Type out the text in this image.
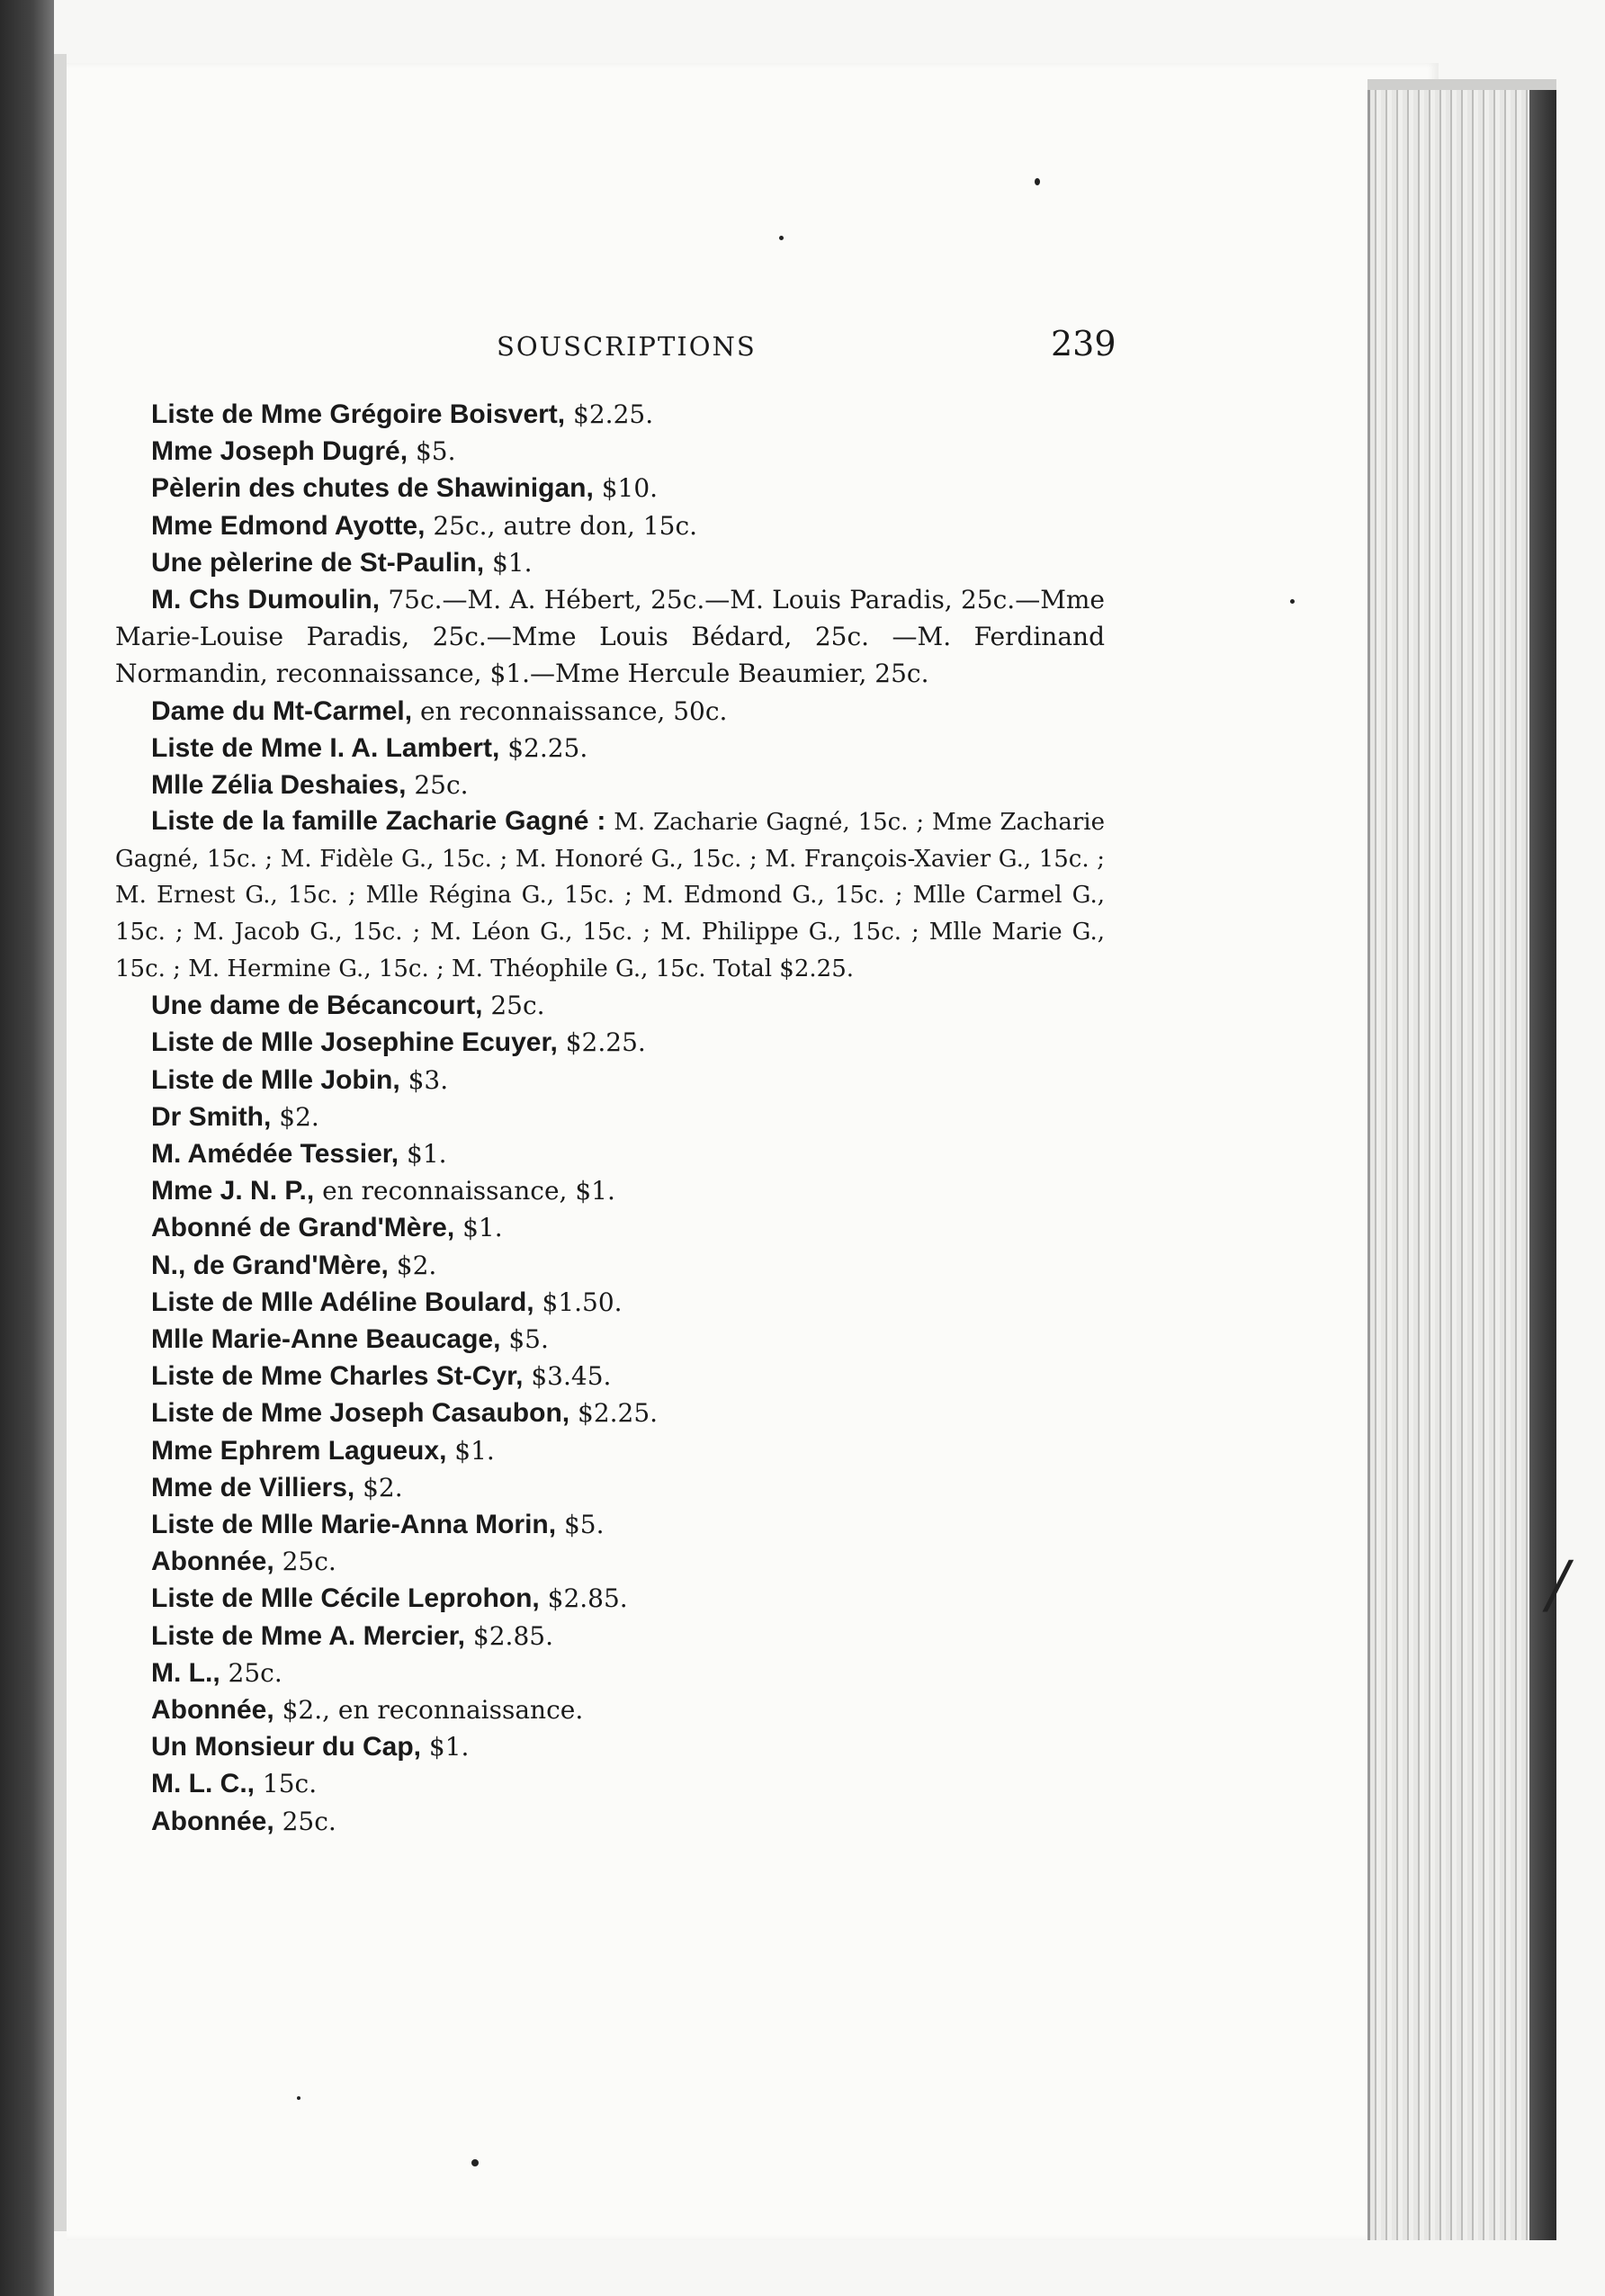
SOUSCRIPTIONS	239
Liste de Mme Grégoire Boisvert, $2.25.
Mme Joseph Dugré, $5.
Pèlerin des chutes de Shawinigan, $10.
Mme Edmond Ayotte, 25c., autre don, 15c.
Une pèlerine de St-Paulin, $1.
M. Chs Dumoulin, 75c.—M. A. Hébert, 25c.—M. Louis Paradis, 25c.—Mme Marie-Louise Paradis, 25c.—Mme Louis Bédard, 25c. —M. Ferdinand Normandin, reconnaissance, $1.—Mme Hercule Beaumier, 25c.
Dame du Mt-Carmel, en reconnaissance, 50c.
Liste de Mme I. A. Lambert, $2.25.
Mlle Zélia Deshaies, 25c.
Liste de la famille Zacharie Gagné : M. Zacharie Gagné, 15c. ; Mme Zacharie Gagné, 15c. ; M. Fidèle G., 15c. ; M. Honoré G., 15c. ; M. François-Xavier G., 15c. ; M. Ernest G., 15c. ; Mlle Régina G., 15c. ; M. Edmond G., 15c. ; Mlle Carmel G., 15c. ; M. Jacob G., 15c. ; M. Léon G., 15c. ; M. Philippe G., 15c. ; Mlle Marie G., 15c. ; M. Hermine G., 15c. ; M. Théophile G., 15c. Total $2.25.
Une dame de Bécancourt, 25c.
Liste de Mlle Josephine Ecuyer, $2.25.
Liste de Mlle Jobin, $3.
Dr Smith, $2.
M. Amédée Tessier, $1.
Mme J. N. P., en reconnaissance, $1.
Abonné de Grand'Mère, $1.
N., de Grand'Mère, $2.
Liste de Mlle Adéline Boulard, $1.50.
Mlle Marie-Anne Beaucage, $5.
Liste de Mme Charles St-Cyr, $3.45.
Liste de Mme Joseph Casaubon, $2.25.
Mme Ephrem Lagueux, $1.
Mme de Villiers, $2.
Liste de Mlle Marie-Anna Morin, $5.
Abonnée, 25c.
Liste de Mlle Cécile Leprohon, $2.85.
Liste de Mme A. Mercier, $2.85.
M. L., 25c.
Abonnée, $2., en reconnaissance.
Un Monsieur du Cap, $1.
M. L. C., 15c.
Abonnée, 25c.
/
